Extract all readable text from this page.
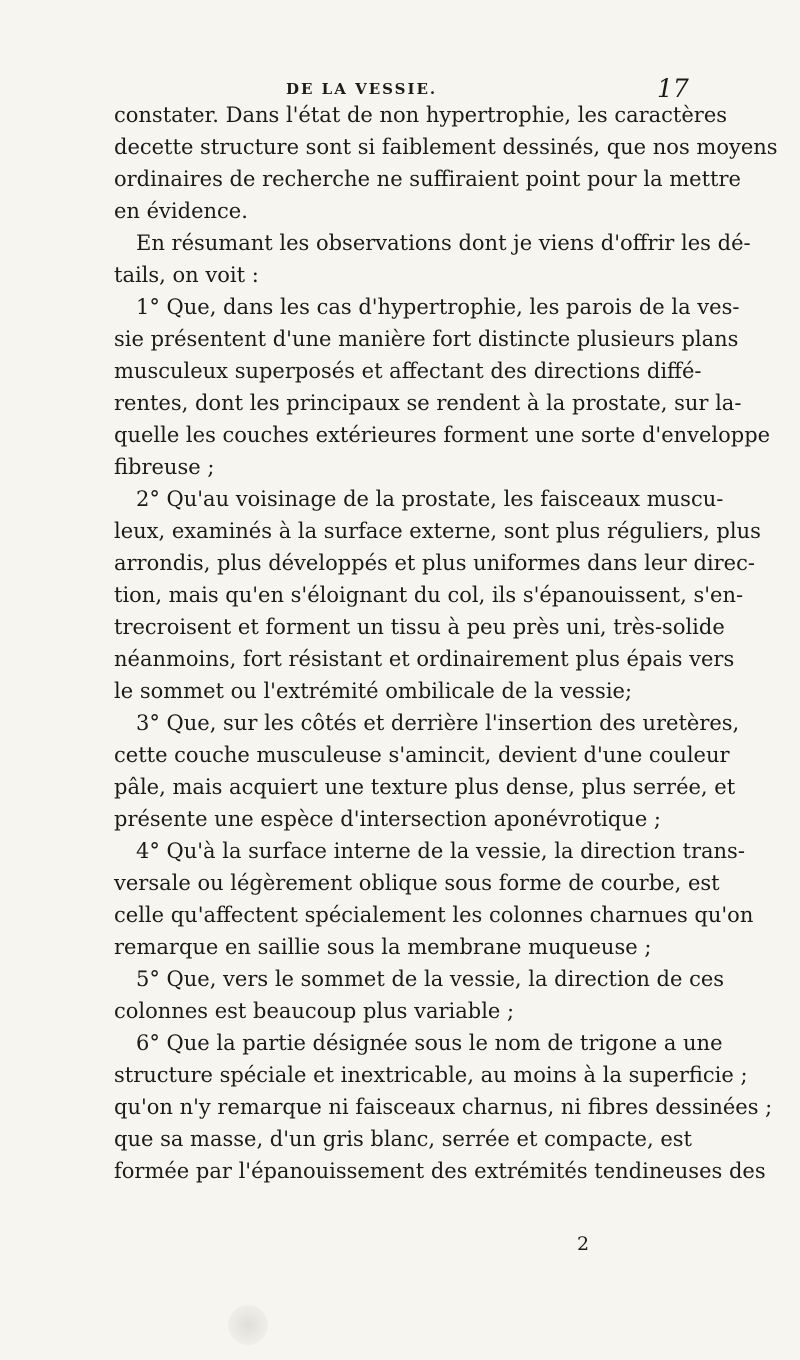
DE LA VESSIE.	17
constater. Dans l'état de non hypertrophie, les caractères
decette structure sont si faiblement dessinés, que nos moyens
ordinaires de recherche ne suffiraient point pour la mettre
en évidence.
En résumant les observations dont je viens d'offrir les dé-
tails, on voit :
1° Que, dans les cas d'hypertrophie, les parois de la ves-
sie présentent d'une manière fort distincte plusieurs plans
musculeux superposés et affectant des directions diffé-
rentes, dont les principaux se rendent à la prostate, sur la-
quelle les couches extérieures forment une sorte d'enveloppe
fibreuse ;
2° Qu'au voisinage de la prostate, les faisceaux muscu-
leux, examinés à la surface externe, sont plus réguliers, plus
arrondis, plus développés et plus uniformes dans leur direc-
tion, mais qu'en s'éloignant du col, ils s'épanouissent, s'en-
trecroisent et forment un tissu à peu près uni, très-solide
néanmoins, fort résistant et ordinairement plus épais vers
le sommet ou l'extrémité ombilicale de la vessie;
3° Que, sur les côtés et derrière l'insertion des uretères,
cette couche musculeuse s'amincit, devient d'une couleur
pâle, mais acquiert une texture plus dense, plus serrée, et
présente une espèce d'intersection aponévrotique ;
4° Qu'à la surface interne de la vessie, la direction trans-
versale ou légèrement oblique sous forme de courbe, est
celle qu'affectent spécialement les colonnes charnues qu'on
remarque en saillie sous la membrane muqueuse ;
5° Que, vers le sommet de la vessie, la direction de ces
colonnes est beaucoup plus variable ;
6° Que la partie désignée sous le nom de trigone a une
structure spéciale et inextricable, au moins à la superficie ;
qu'on n'y remarque ni faisceaux charnus, ni fibres dessinées ;
que sa masse, d'un gris blanc, serrée et compacte, est
formée par l'épanouissement des extrémités tendineuses des
2
